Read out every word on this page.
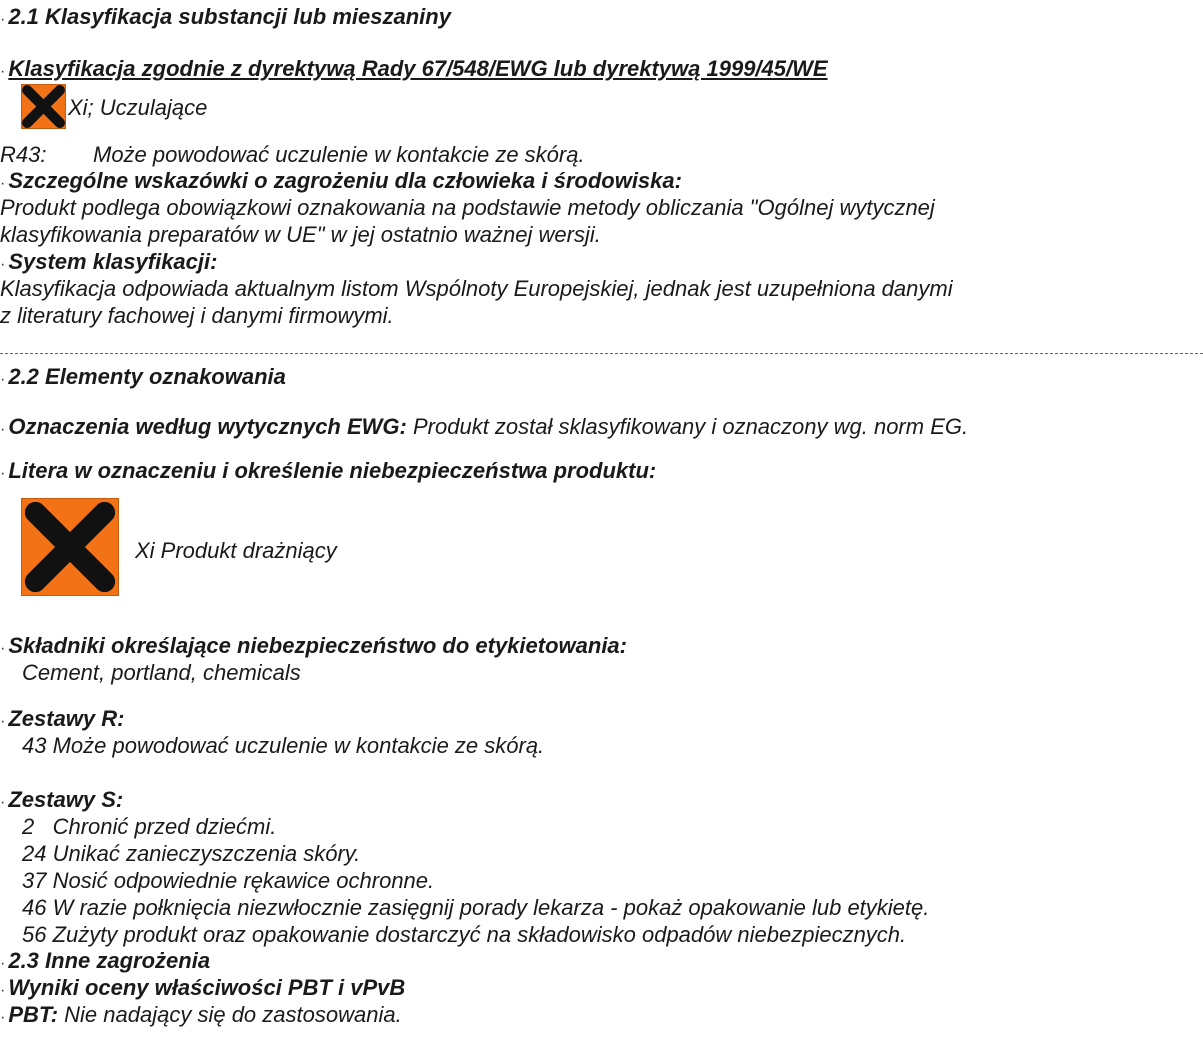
· 2.1 Klasyfikacja substancji lub mieszaniny
· Klasyfikacja zgodnie z dyrektywą Rady 67/548/EWG lub dyrektywą 1999/45/WE
Xi; Uczulające
R43: Może powodować uczulenie w kontakcie ze skórą.
· Szczególne wskazówki o zagrożeniu dla człowieka i środowiska:
Produkt podlega obowiązkowi oznakowania na podstawie metody obliczania "Ogólnej wytycznej
klasyfikowania preparatów w UE" w jej ostatnio ważnej wersji.
· System klasyfikacji:
Klasyfikacja odpowiada aktualnym listom Wspólnoty Europejskiej, jednak jest uzupełniona danymi
z literatury fachowej i danymi firmowymi.
· 2.2 Elementy oznakowania
· Oznaczenia według wytycznych EWG: Produkt został sklasyfikowany i oznaczony wg. norm EG.
· Litera w oznaczeniu i określenie niebezpieczeństwa produktu:
Xi Produkt drażniący
· Składniki określające niebezpieczeństwo do etykietowania:
Cement, portland, chemicals
· Zestawy R:
43 Może powodować uczulenie w kontakcie ze skórą.
· Zestawy S:
2   Chronić przed dziećmi.
24 Unikać zanieczyszczenia skóry.
37 Nosić odpowiednie rękawice ochronne.
46 W razie połknięcia niezwłocznie zasięgnij porady lekarza - pokaż opakowanie lub etykietę.
56 Zużyty produkt oraz opakowanie dostarczyć na składowisko odpadów niebezpiecznych.
· 2.3 Inne zagrożenia
· Wyniki oceny właściwości PBT i vPvB
· PBT: Nie nadający się do zastosowania.
